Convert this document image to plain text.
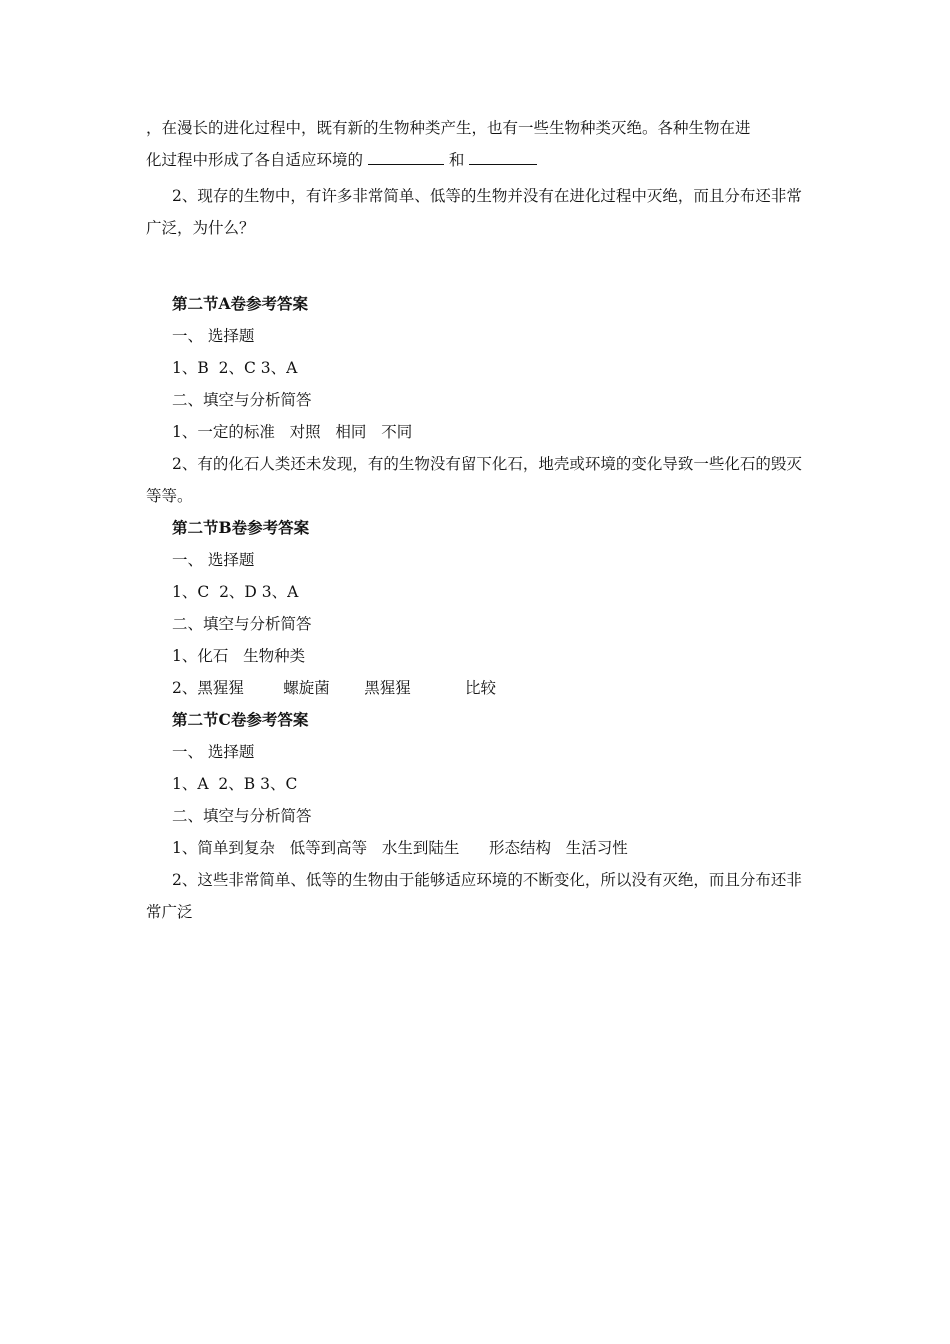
，在漫长的进化过程中，既有新的生物种类产生，也有一些生物种类灭绝。各种生物在进

化过程中形成了各自适应环境的	和

2、现存的生物中，有许多非常简单、低等的生物并没有在进化过程中灭绝，而且分布还非常广泛，为什么？

第二节A卷参考答案

一、 选择题

1、B  2、C 3、A

二、填空与分析简答

1、一定的标准   对照   相同   不同

2、有的化石人类还未发现，有的生物没有留下化石，地壳或环境的变化导致一些化石的毁灭等等。

第二节B卷参考答案

一、 选择题

1、C  2、D 3、A

二、填空与分析简答

1、化石   生物种类

2、黑猩猩        螺旋菌       黑猩猩           比较

第二节C卷参考答案

一、 选择题

1、A  2、B 3、C

二、填空与分析简答

1、简单到复杂   低等到高等   水生到陆生      形态结构   生活习性

2、这些非常简单、低等的生物由于能够适应环境的不断变化，所以没有灭绝，而且分布还非常广泛
